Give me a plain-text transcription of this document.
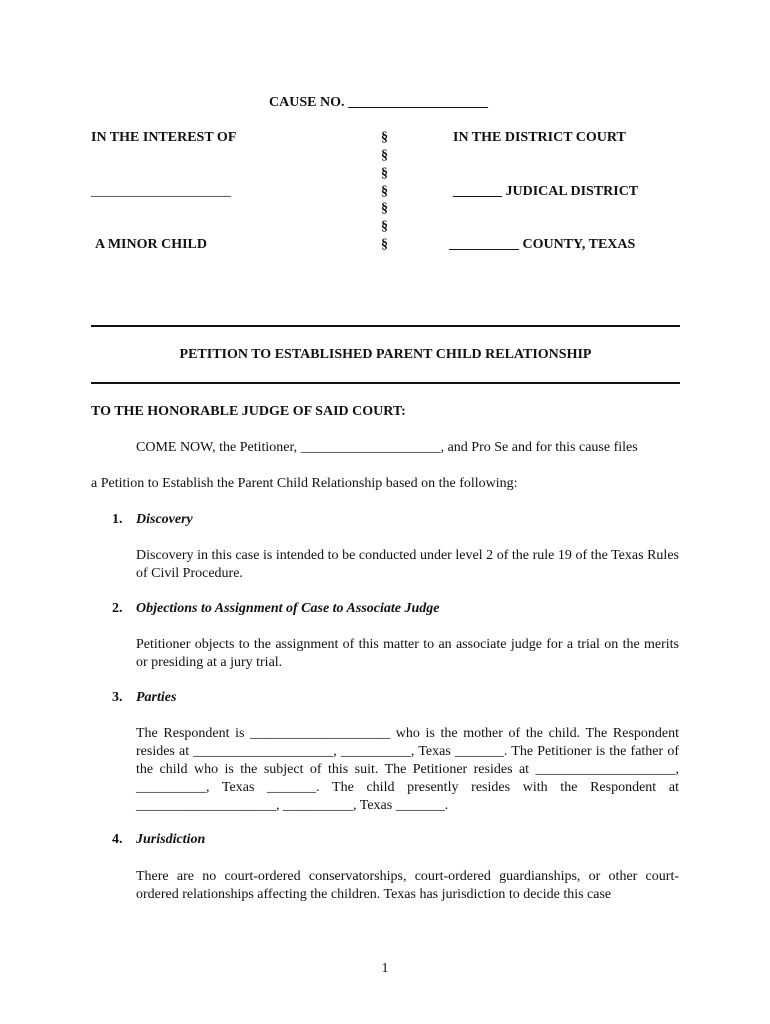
CAUSE NO. ____________________
IN THE INTEREST OF
____________________
A MINOR CHILD
§
§
§
§
§
§
§
IN THE DISTRICT COURT
_______ JUDICAL DISTRICT
__________ COUNTY, TEXAS
PETITION TO ESTABLISHED PARENT CHILD RELATIONSHIP
TO THE HONORABLE JUDGE OF SAID COURT:
COME NOW, the Petitioner, ____________________, and Pro Se and for this cause files
a Petition to Establish the Parent Child Relationship based on the following:
1. Discovery
Discovery in this case is intended to be conducted under level 2 of the rule 19 of the Texas Rules of Civil Procedure.
2. Objections to Assignment of Case to Associate Judge
Petitioner objects to the assignment of this matter to an associate judge for a trial on the merits or presiding at a jury trial.
3. Parties
The Respondent is ____________________ who is the mother of the child. The Respondent resides at ____________________, __________, Texas _______. The Petitioner is the father of the child who is the subject of this suit. The Petitioner resides at ____________________, __________, Texas _______. The child presently resides with the Respondent at ____________________, __________, Texas _______.
4. Jurisdiction
There are no court-ordered conservatorships, court-ordered guardianships, or other court-ordered relationships affecting the children. Texas has jurisdiction to decide this case
1
